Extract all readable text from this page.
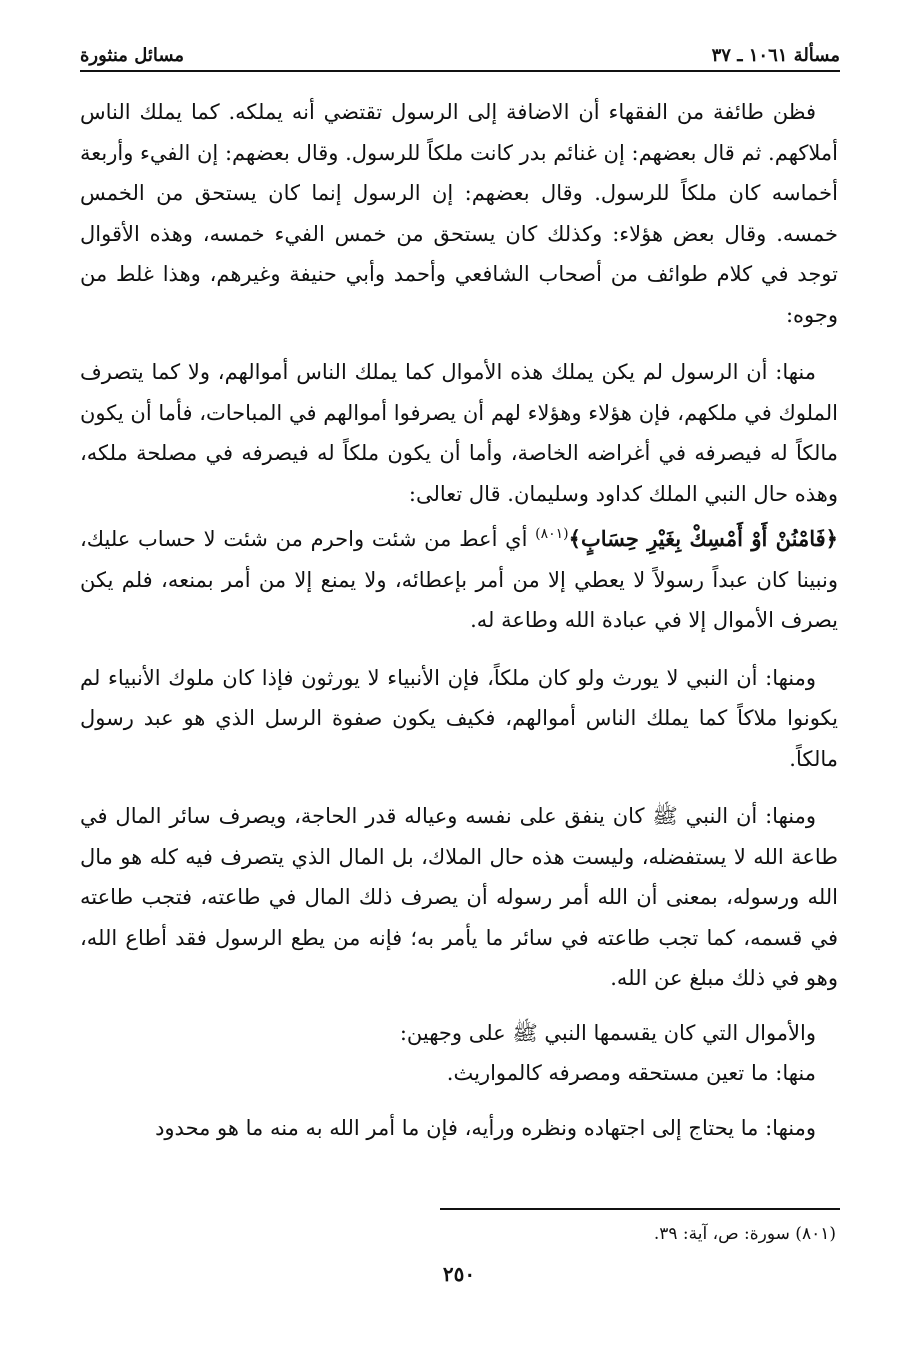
مسألة ١٠٦١ ـ ٣٧
مسائل منثورة

فظن طائفة من الفقهاء أن الاضافة إلى الرسول تقتضي أنه يملكه. كما يملك الناس أملاكهم. ثم قال بعضهم: إن غنائم بدر كانت ملكاً للرسول. وقال بعضهم: إن الفيء وأربعة أخماسه كان ملكاً للرسول. وقال بعضهم: إن الرسول إنما كان يستحق من الخمس خمسه. وقال بعض هؤلاء: وكذلك كان يستحق من خمس الفيء خمسه، وهذه الأقوال توجد في كلام طوائف من أصحاب الشافعي وأحمد وأبي حنيفة وغيرهم، وهذا غلط من وجوه:

منها: أن الرسول لم يكن يملك هذه الأموال كما يملك الناس أموالهم، ولا كما يتصرف الملوك في ملكهم، فإن هؤلاء وهؤلاء لهم أن يصرفوا أموالهم في المباحات، فأما أن يكون مالكاً له فيصرفه في أغراضه الخاصة، وأما أن يكون ملكاً له فيصرفه في مصلحة ملكه، وهذه حال النبي الملك كداود وسليمان. قال تعالى:

﴿فَامْنُنْ أَوْ أَمْسِكْ بِغَيْرِ حِسَابٍ﴾$^{(٨٠١)}$ أي أعط من شئت واحرم من شئت لا حساب عليك، ونبينا كان عبداً رسولاً لا يعطي إلا من أمر بإعطائه، ولا يمنع إلا من أمر بمنعه، فلم يكن يصرف الأموال إلا في عبادة الله وطاعة له.

ومنها: أن النبي لا يورث ولو كان ملكاً، فإن الأنبياء لا يورثون فإذا كان ملوك الأنبياء لم يكونوا ملاكاً كما يملك الناس أموالهم، فكيف يكون صفوة الرسل الذي هو عبد رسول مالكاً.

ومنها: أن النبي ﷺ كان ينفق على نفسه وعياله قدر الحاجة، ويصرف سائر المال في طاعة الله لا يستفضله، وليست هذه حال الملاك، بل المال الذي يتصرف فيه كله هو مال الله ورسوله، بمعنى أن الله أمر رسوله أن يصرف ذلك المال في طاعته، فتجب طاعته في قسمه، كما تجب طاعته في سائر ما يأمر به؛ فإنه من يطع الرسول فقد أطاع الله، وهو في ذلك مبلغ عن الله.

والأموال التي كان يقسمها النبي ﷺ على وجهين:

منها: ما تعين مستحقه ومصرفه كالمواريث.

ومنها: ما يحتاج إلى اجتهاده ونظره ورأيه، فإن ما أمر الله به منه ما هو محدود

(٨٠١) سورة: ص، آية: ٣٩.
٢٥٠
